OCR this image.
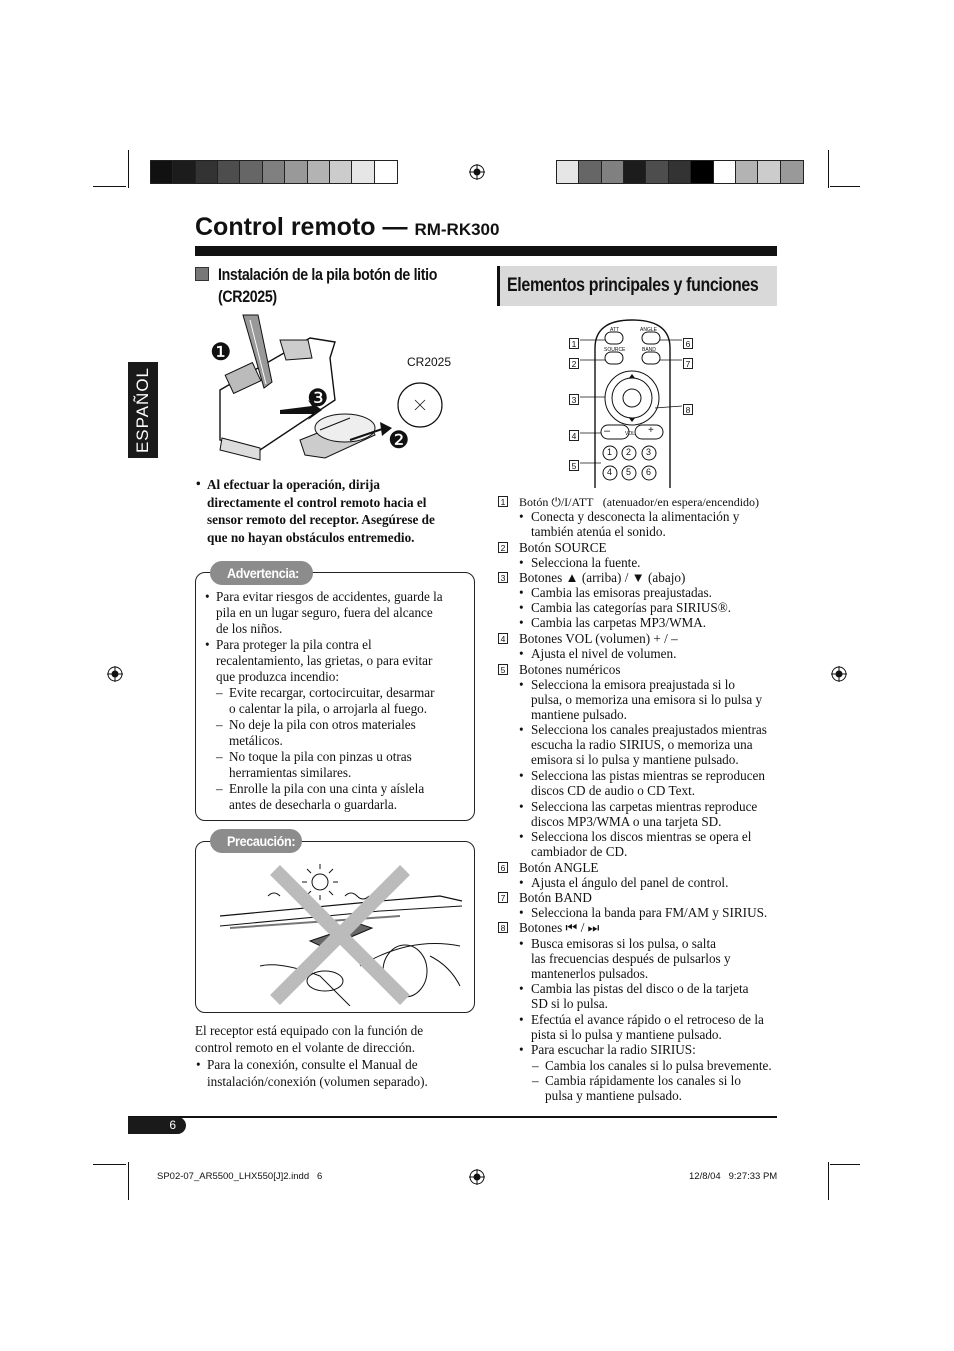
Control remoto — RM-RK300
ESPAÑOL
Instalación de la pila botón de litio
(CR2025)
❶
❸
❷
CR2025
• Al efectuar la operación, dirija
directamente el control remoto hacia el
sensor remoto del receptor. Asegúrese de
que no hayan obstáculos entremedio.
Advertencia:
• Para evitar riesgos de accidentes, guarde la
pila en un lugar seguro, fuera del alcance
de los niños.
• Para proteger la pila contra el
recalentamiento, las grietas, o para evitar
que produzca incendio:
– Evite recargar, cortocircuitar, desarmar
o calentar la pila, o arrojarla al fuego.
– No deje la pila con otros materiales
metálicos.
– No toque la pila con pinzas u otras
herramientas similares.
– Enrolle la pila con una cinta y aíslela
antes de desecharla o guardarla.
Precaución:
El receptor está equipado con la función de
control remoto en el volante de dirección.
• Para la conexión, consulte el Manual de
instalación/conexión (volumen separado).
Elementos principales y funciones
ATT	ANGLE
SOURCE	BAND
–	VOL +
1 2 3
4 5 6
1
2
3
4
5
6
7
8
1	Botón ⏻/I/ATT (atenuador/en espera/encendido)
• Conecta y desconecta la alimentación y
también atenúa el sonido.
2	Botón SOURCE
• Selecciona la fuente.
3	Botones ▲ (arriba) / ▼ (abajo)
• Cambia las emisoras preajustadas.
• Cambia las categorías para SIRIUS®.
• Cambia las carpetas MP3/WMA.
4	Botones VOL (volumen) + / –
• Ajusta el nivel de volumen.
5	Botones numéricos
• Selecciona la emisora preajustada si lo
pulsa, o memoriza una emisora si lo pulsa y
mantiene pulsado.
• Selecciona los canales preajustados mientras
escucha la radio SIRIUS, o memoriza una
emisora si lo pulsa y mantiene pulsado.
• Selecciona las pistas mientras se reproducen
discos CD de audio o CD Text.
• Selecciona las carpetas mientras reproduce
discos MP3/WMA o una tarjeta SD.
• Selecciona los discos mientras se opera el
cambiador de CD.
6	Botón ANGLE
• Ajusta el ángulo del panel de control.
7	Botón BAND
• Selecciona la banda para FM/AM y SIRIUS.
8	Botones ⏮ / ⏭
• Busca emisoras si los pulsa, o salta
las frecuencias después de pulsarlos y
mantenerlos pulsados.
• Cambia las pistas del disco o de la tarjeta
SD si lo pulsa.
• Efectúa el avance rápido o el retroceso de la
pista si lo pulsa y mantiene pulsado.
• Para escuchar la radio SIRIUS:
– Cambia los canales si lo pulsa brevemente.
– Cambia rápidamente los canales si lo
pulsa y mantiene pulsado.
6
SP02-07_AR5500_LHX550[J]2.indd   6	12/8/04   9:27:33 PM
